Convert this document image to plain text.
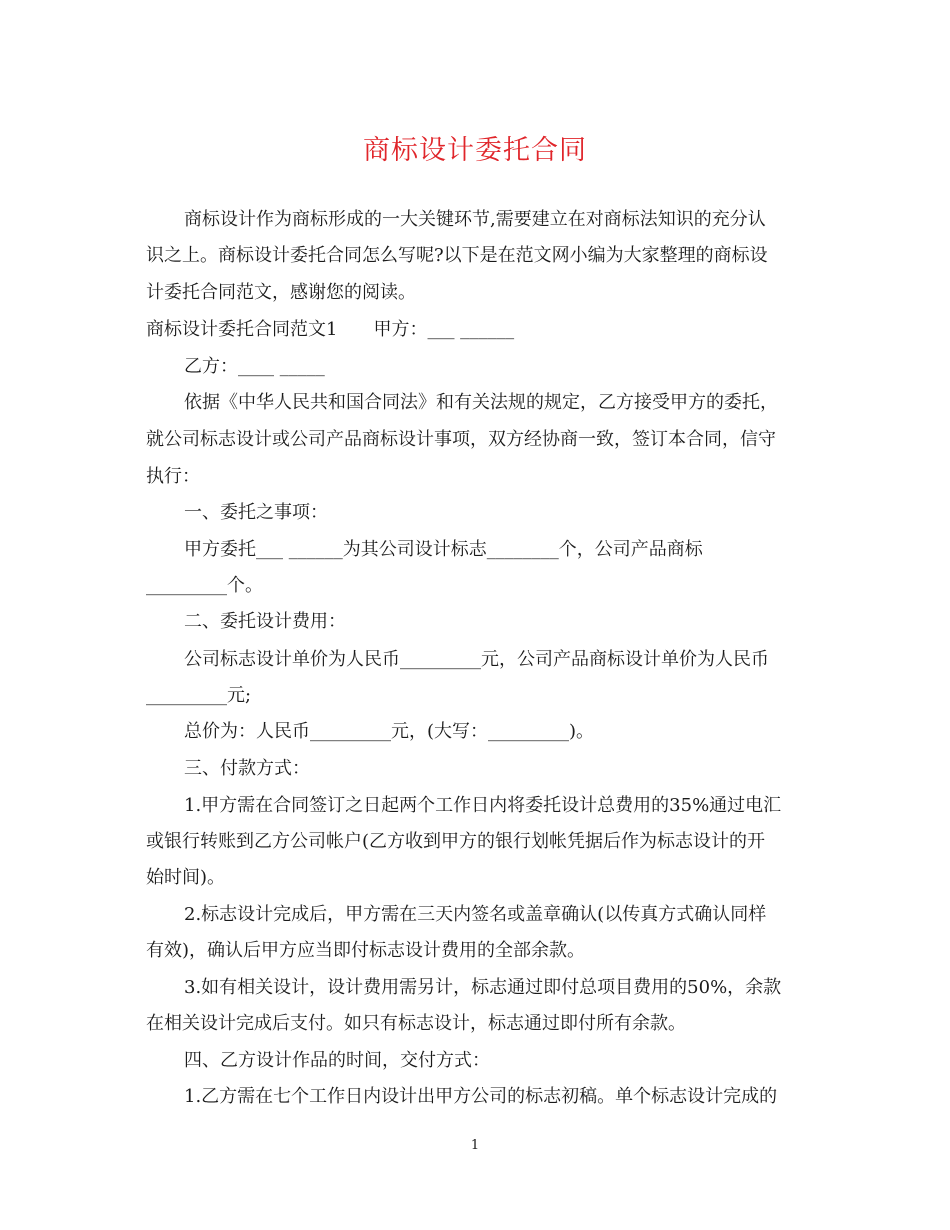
商标设计委托合同
商标设计作为商标形成的一大关键环节,需要建立在对商标法知识的充分认
识之上。商标设计委托合同怎么写呢?以下是在范文网小编为大家整理的商标设
计委托合同范文，感谢您的阅读。
商标设计委托合同范文1　　甲方：___ ______
乙方：____ _____
依据《中华人民共和国合同法》和有关法规的规定，乙方接受甲方的委托，
就公司标志设计或公司产品商标设计事项，双方经协商一致，签订本合同，信守
执行：
一、委托之事项：
甲方委托___ ______为其公司设计标志________个，公司产品商标
_________个。
二、委托设计费用：
公司标志设计单价为人民币_________元，公司产品商标设计单价为人民币
_________元;
总价为：人民币_________元，(大写：_________)。
三、付款方式：
1.甲方需在合同签订之日起两个工作日内将委托设计总费用的35%通过电汇
或银行转账到乙方公司帐户(乙方收到甲方的银行划帐凭据后作为标志设计的开
始时间)。
2.标志设计完成后，甲方需在三天内签名或盖章确认(以传真方式确认同样
有效)，确认后甲方应当即付标志设计费用的全部余款。
3.如有相关设计，设计费用需另计，标志通过即付总项目费用的50%，余款
在相关设计完成后支付。如只有标志设计，标志通过即付所有余款。
四、乙方设计作品的时间，交付方式：
1.乙方需在七个工作日内设计出甲方公司的标志初稿。单个标志设计完成的
1
